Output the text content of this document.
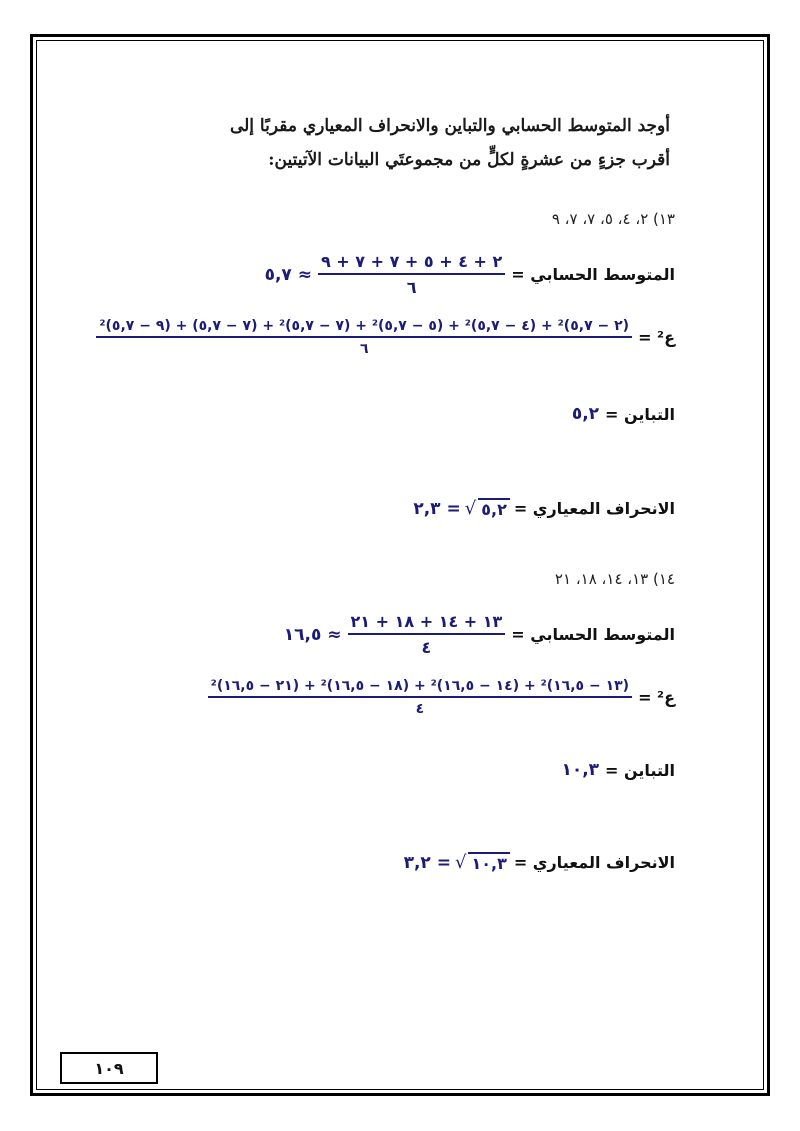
أوجد المتوسط الحسابي والتباين والانحراف المعياري مقربًا إلى
أقرب جزءٍ من عشرةٍ لكلٍّ من مجموعتَي البيانات الآتيتين:
١٣) ٢، ٤، ٥، ٧، ٧، ٩
المتوسط الحسابي =
$\frac{٢ + ٤ + ٥ + ٧ + ٧ + ٩}{٦}$
≈ ٥,٧
ع² =
(٢ − ٥,٧)² + (٤ − ٥,٧)² + (٥ − ٥,٧)² + (٧ − ٥,٧)² + (٧ − ٥,٧) + (٩ − ٥,٧)²
٦
التباين =
٥,٢
الانحراف المعياري =
√ ٥,٢
= ٢,٣
١٤) ١٣، ١٤، ١٨، ٢١
المتوسط الحسابي =
$\frac{١٣ + ١٤ + ١٨ + ٢١}{٤}$
≈ ١٦,٥
ع² =
$\frac{\text{(١٣ − ١٦,٥)² + (١٤ − ١٦,٥)² + (١٨ − ١٦,٥)² + (٢١ − ١٦,٥)²}}{٤}$
التباين =
١٠,٣
الانحراف المعياري =
√ ١٠,٣
= ٣,٢
١٠٩
